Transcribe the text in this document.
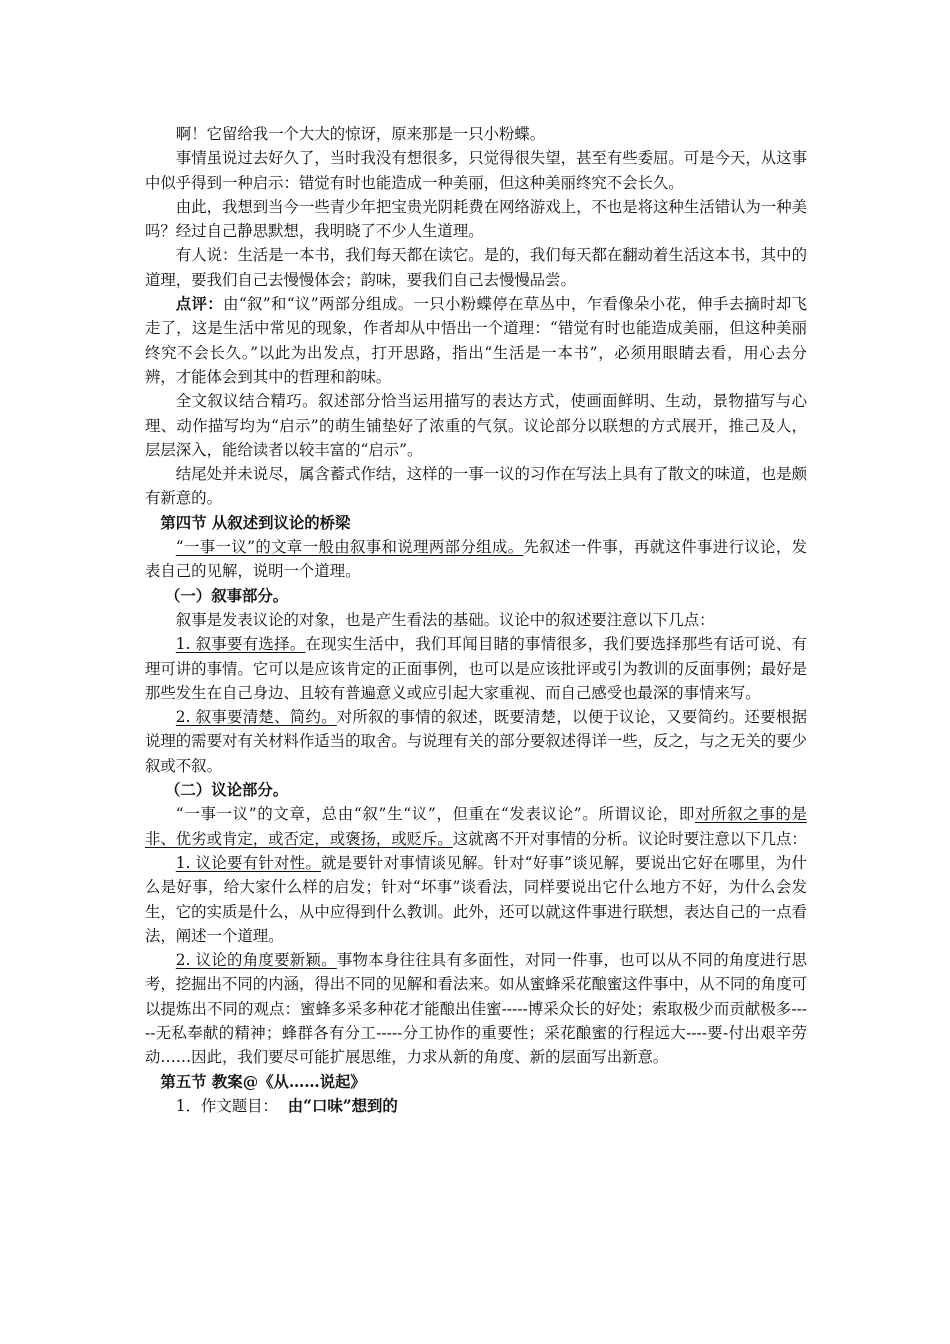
啊！它留给我一个大大的惊讶，原来那是一只小粉蝶。

事情虽说过去好久了，当时我没有想很多，只觉得很失望，甚至有些委屈。可是今天，从这事中似乎得到一种启示：错觉有时也能造成一种美丽，但这种美丽终究不会长久。

由此，我想到当今一些青少年把宝贵光阴耗费在网络游戏上，不也是将这种生活错认为一种美吗？经过自己静思默想，我明晓了不少人生道理。

有人说：生活是一本书，我们每天都在读它。是的，我们每天都在翻动着生活这本书，其中的道理，要我们自己去慢慢体会；韵味，要我们自己去慢慢品尝。

点评：由“叙”和“议”两部分组成。一只小粉蝶停在草丛中，乍看像朵小花，伸手去摘时却飞走了，这是生活中常见的现象，作者却从中悟出一个道理：“错觉有时也能造成美丽，但这种美丽终究不会长久。”以此为出发点，打开思路，指出“生活是一本书”，必须用眼睛去看，用心去分辨，才能体会到其中的哲理和韵味。

全文叙议结合精巧。叙述部分恰当运用描写的表达方式，使画面鲜明、生动，景物描写与心理、动作描写均为“启示”的萌生铺垫好了浓重的气氛。议论部分以联想的方式展开，推己及人，层层深入，能给读者以较丰富的“启示”。

结尾处并未说尽，属含蓄式作结，这样的一事一议的习作在写法上具有了散文的味道，也是颇有新意的。

第四节 从叙述到议论的桥梁

“一事一议”的文章一般由叙事和说理两部分组成。先叙述一件事，再就这件事进行议论，发表自己的见解，说明一个道理。

（一）叙事部分。

叙事是发表议论的对象，也是产生看法的基础。议论中的叙述要注意以下几点：

1. 叙事要有选择。在现实生活中，我们耳闻目睹的事情很多，我们要选择那些有话可说、有理可讲的事情。它可以是应该肯定的正面事例，也可以是应该批评或引为教训的反面事例；最好是那些发生在自己身边、且较有普遍意义或应引起大家重视、而自己感受也最深的事情来写。

2. 叙事要清楚、简约。对所叙的事情的叙述，既要清楚，以便于议论，又要简约。还要根据说理的需要对有关材料作适当的取舍。与说理有关的部分要叙述得详一些，反之，与之无关的要少叙或不叙。

（二）议论部分。

“一事一议”的文章，总由“叙”生“议”，但重在“发表议论”。所谓议论，即对所叙之事的是非、优劣或肯定，或否定，或褒扬，或贬斥。这就离不开对事情的分析。议论时要注意以下几点：

1. 议论要有针对性。就是要针对事情谈见解。针对“好事”谈见解，要说出它好在哪里，为什么是好事，给大家什么样的启发；针对“坏事”谈看法，同样要说出它什么地方不好，为什么会发生，它的实质是什么，从中应得到什么教训。此外，还可以就这件事进行联想，表达自己的一点看法，阐述一个道理。

2. 议论的角度要新颖。事物本身往往具有多面性，对同一件事，也可以从不同的角度进行思考，挖掘出不同的内涵，得出不同的见解和看法来。如从蜜蜂采花酿蜜这件事中，从不同的角度可以提炼出不同的观点：蜜蜂多采多种花才能酿出佳蜜-----博采众长的好处；索取极少而贡献极多-----无私奉献的精神；蜂群各有分工-----分工协作的重要性；采花酿蜜的行程远大----要-付出艰辛劳动……因此，我们要尽可能扩展思维，力求从新的角度、新的层面写出新意。

第五节 教案@《从……说起》

1．作文题目： 由“口味”想到的
